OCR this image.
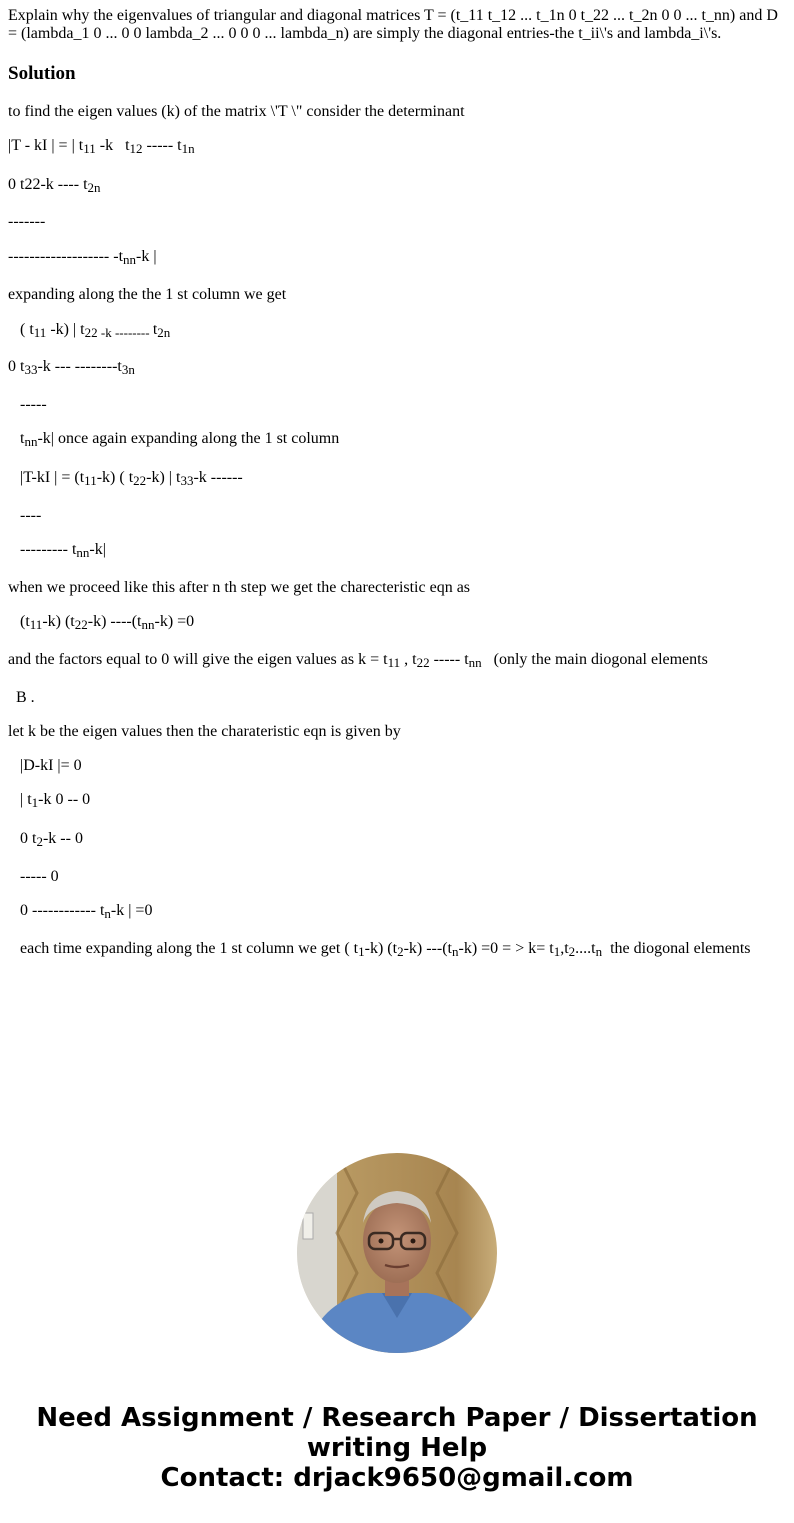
Explain why the eigenvalues of triangular and diagonal matrices T = (t_11 t_12 ... t_1n 0 t_22 ... t_2n 0 0 ... t_nn) and D = (lambda_1 0 ... 0 0 lambda_2 ... 0 0 0 ... lambda_n) are simply the diagonal entries-the t_ii\'s and lambda_i\'s.

Solution

to find the eigen values (k) of the matrix \'T \" consider the determinant

|T - kI | = | $t_{11}$ -k   $t_{12}$ ----- $t_{1n}$

0 t22-k ---- $t_{2n}$

-------

------------------- $-t_{nn}-k$ |

expanding along the the 1 st column we get

( $t_{11}$ -k) | $t_{22 -k --------}$ $t_{2n}$

0 $t_{33}-k$ --- $--------t_{3n}$

-----

$t_{nn}-k|$ once again expanding along the 1 st column

|T-kI | = $(t_{11}-k)$ ( $t_{22}-k$) | $t_{33}-k$ ------

----

--------- $t_{nn}-k|$

when we proceed like this after n th step we get the charecteristic eqn as

$(t_{11}-k)$ $(t_{22}-k)$ $----(t_{nn}-k) =0$

and the factors equal to 0 will give the eigen values as $k = t_{11}$ , $t_{22}$ ----- $t_{nn}$   (only the main diogonal elements

B .

let k be the eigen values then the charateristic eqn is given by

|D-kI |= 0

| $t_1-k$ 0 -- 0

0 $t_2-k -- 0$

----- 0

0 ------------ $t_n-k$ | =0

each time expanding along the 1 st column we get ( $t_1-k$) $(t_2-k)$ $---(t_n-k) =0$ = > $k= t_1,t_2....t_n$  the diogonal elements

Need Assignment / Research Paper / Dissertation
writing Help
Contact: drjack9650@gmail.com
